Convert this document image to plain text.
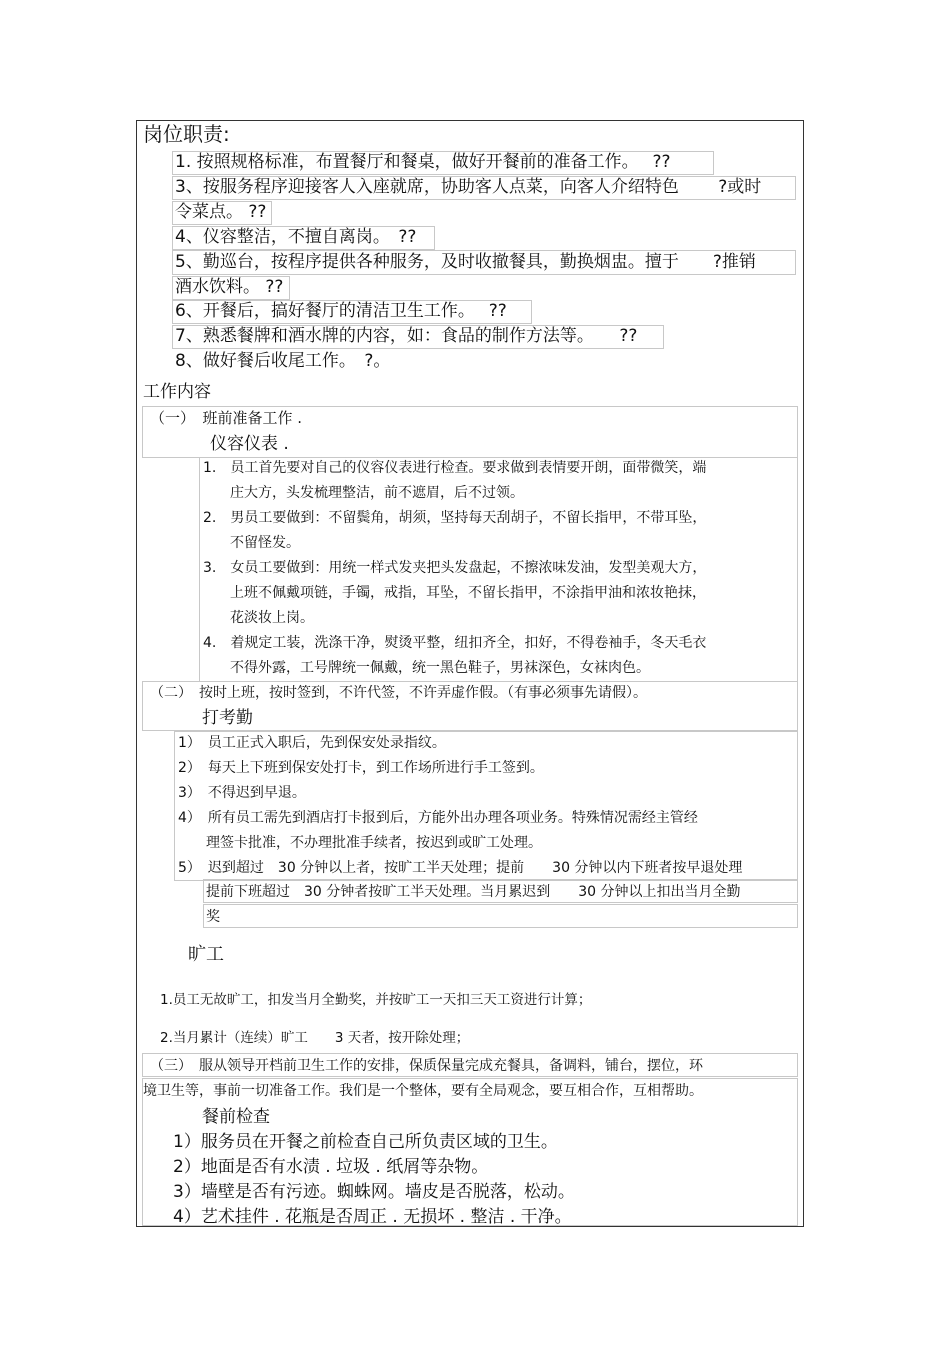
岗位职责:
1. 按照规格标准，布置餐厅和餐桌，做好开餐前的准备工作。　 ??
3、按服务程序迎接客人入座就席，协助客人点菜，向客人介绍特色　　 ?或时
令菜点。 ??
4、仪容整洁，不擅自离岗。　??
5、勤巡台，按程序提供各种服务，及时收撤餐具，勤换烟盅。擅于　　?推销
酒水饮料。 ??
6、开餐后，搞好餐厅的清洁卫生工作。　 ??
7、熟悉餐牌和酒水牌的内容，如：食品的制作方法等。　　??
8、做好餐后收尾工作。　?。
工作内容
（一）　班前准备工作 .
仪容仪表 .
1.　员工首先要对自己的仪容仪表进行检查。要求做到表情要开朗，面带微笑，端
庄大方，头发梳理整洁，前不遮眉，后不过领。
2.　男员工要做到：不留鬓角，胡须，坚持每天刮胡子，不留长指甲，不带耳坠，
不留怪发。
3.　女员工要做到：用统一样式发夹把头发盘起，不擦浓味发油，发型美观大方，
上班不佩戴项链，手镯，戒指，耳坠，不留长指甲，不涂指甲油和浓妆艳抹，
花淡妆上岗。
4.　着规定工装，洗涤干净，熨烫平整，纽扣齐全，扣好，不得卷袖手，冬天毛衣
不得外露，工号牌统一佩戴，统一黑色鞋子，男袜深色，女袜肉色。
（二）　按时上班，按时签到，不许代签，不许弄虚作假。（有事必须事先请假）。
打考勤
1）　员工正式入职后，先到保安处录指纹。
2）　每天上下班到保安处打卡，到工作场所进行手工签到。
3）　不得迟到早退。
4）　所有员工需先到酒店打卡报到后，方能外出办理各项业务。特殊情况需经主管经
理签卡批准，不办理批准手续者，按迟到或旷工处理。
5）　迟到超过　30 分钟以上者，按旷工半天处理；提前　　30 分钟以内下班者按早退处理
提前下班超过　30 分钟者按旷工半天处理。当月累迟到　　30 分钟以上扣出当月全勤
奖
旷工
1.员工无故旷工，扣发当月全勤奖，并按旷工一天扣三天工资进行计算；
2.当月累计（连续）旷工　　3 天者，按开除处理；
（三）　服从领导开档前卫生工作的安排，保质保量完成充餐具，备调料，铺台，摆位，环
境卫生等，事前一切准备工作。我们是一个整体，要有全局观念，要互相合作，互相帮助。
餐前检查
1）服务员在开餐之前检查自己所负责区域的卫生。
2）地面是否有水渍 . 垃圾 . 纸屑等杂物。
3）墙壁是否有污迹。蜘蛛网。墙皮是否脱落，松动。
4）艺术挂件 . 花瓶是否周正 . 无损坏 . 整洁 . 干净。
